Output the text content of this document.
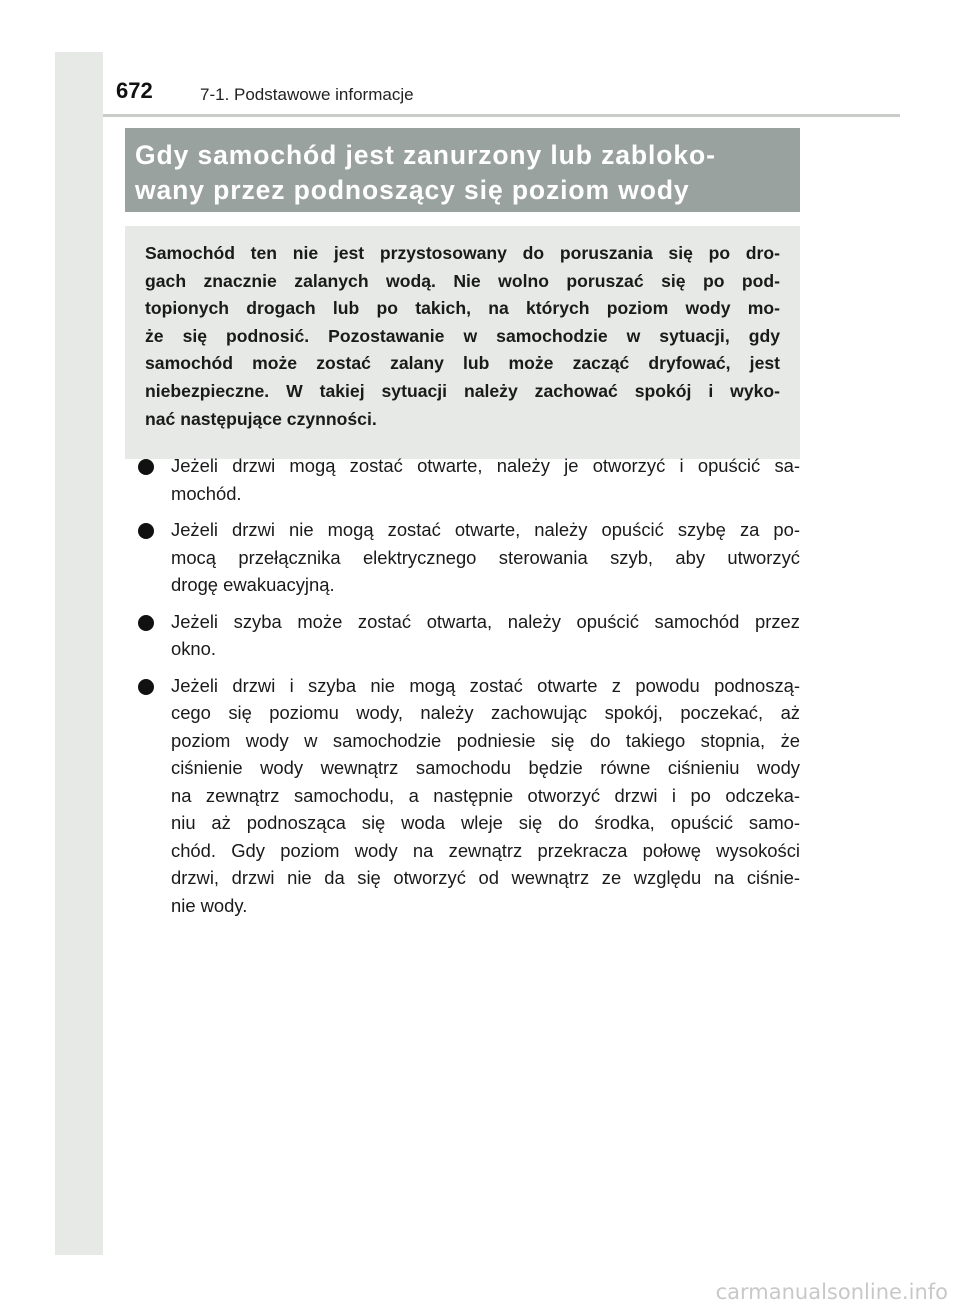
672	7-1. Podstawowe informacje
Gdy samochód jest zanurzony lub zabloko-
wany przez podnoszący się poziom wody
Samochód ten nie jest przystosowany do poruszania się po dro-
gach znacznie zalanych wodą. Nie wolno poruszać się po pod-
topionych drogach lub po takich, na których poziom wody mo-
że się podnosić. Pozostawanie w samochodzie w sytuacji, gdy
samochód może zostać zalany lub może zacząć dryfować, jest
niebezpieczne. W takiej sytuacji należy zachować spokój i wyko-
nać następujące czynności.
Jeżeli drzwi mogą zostać otwarte, należy je otworzyć i opuścić sa-
mochód.
Jeżeli drzwi nie mogą zostać otwarte, należy opuścić szybę za po-
mocą przełącznika elektrycznego sterowania szyb, aby utworzyć
drogę ewakuacyjną.
Jeżeli szyba może zostać otwarta, należy opuścić samochód przez
okno.
Jeżeli drzwi i szyba nie mogą zostać otwarte z powodu podnoszą-
cego się poziomu wody, należy zachowując spokój, poczekać, aż
poziom wody w samochodzie podniesie się do takiego stopnia, że
ciśnienie wody wewnątrz samochodu będzie równe ciśnieniu wody
na zewnątrz samochodu, a następnie otworzyć drzwi i po odczeka-
niu aż podnosząca się woda wleje się do środka, opuścić samo-
chód. Gdy poziom wody na zewnątrz przekracza połowę wysokości
drzwi, drzwi nie da się otworzyć od wewnątrz ze względu na ciśnie-
nie wody.
carmanualsonline.info
